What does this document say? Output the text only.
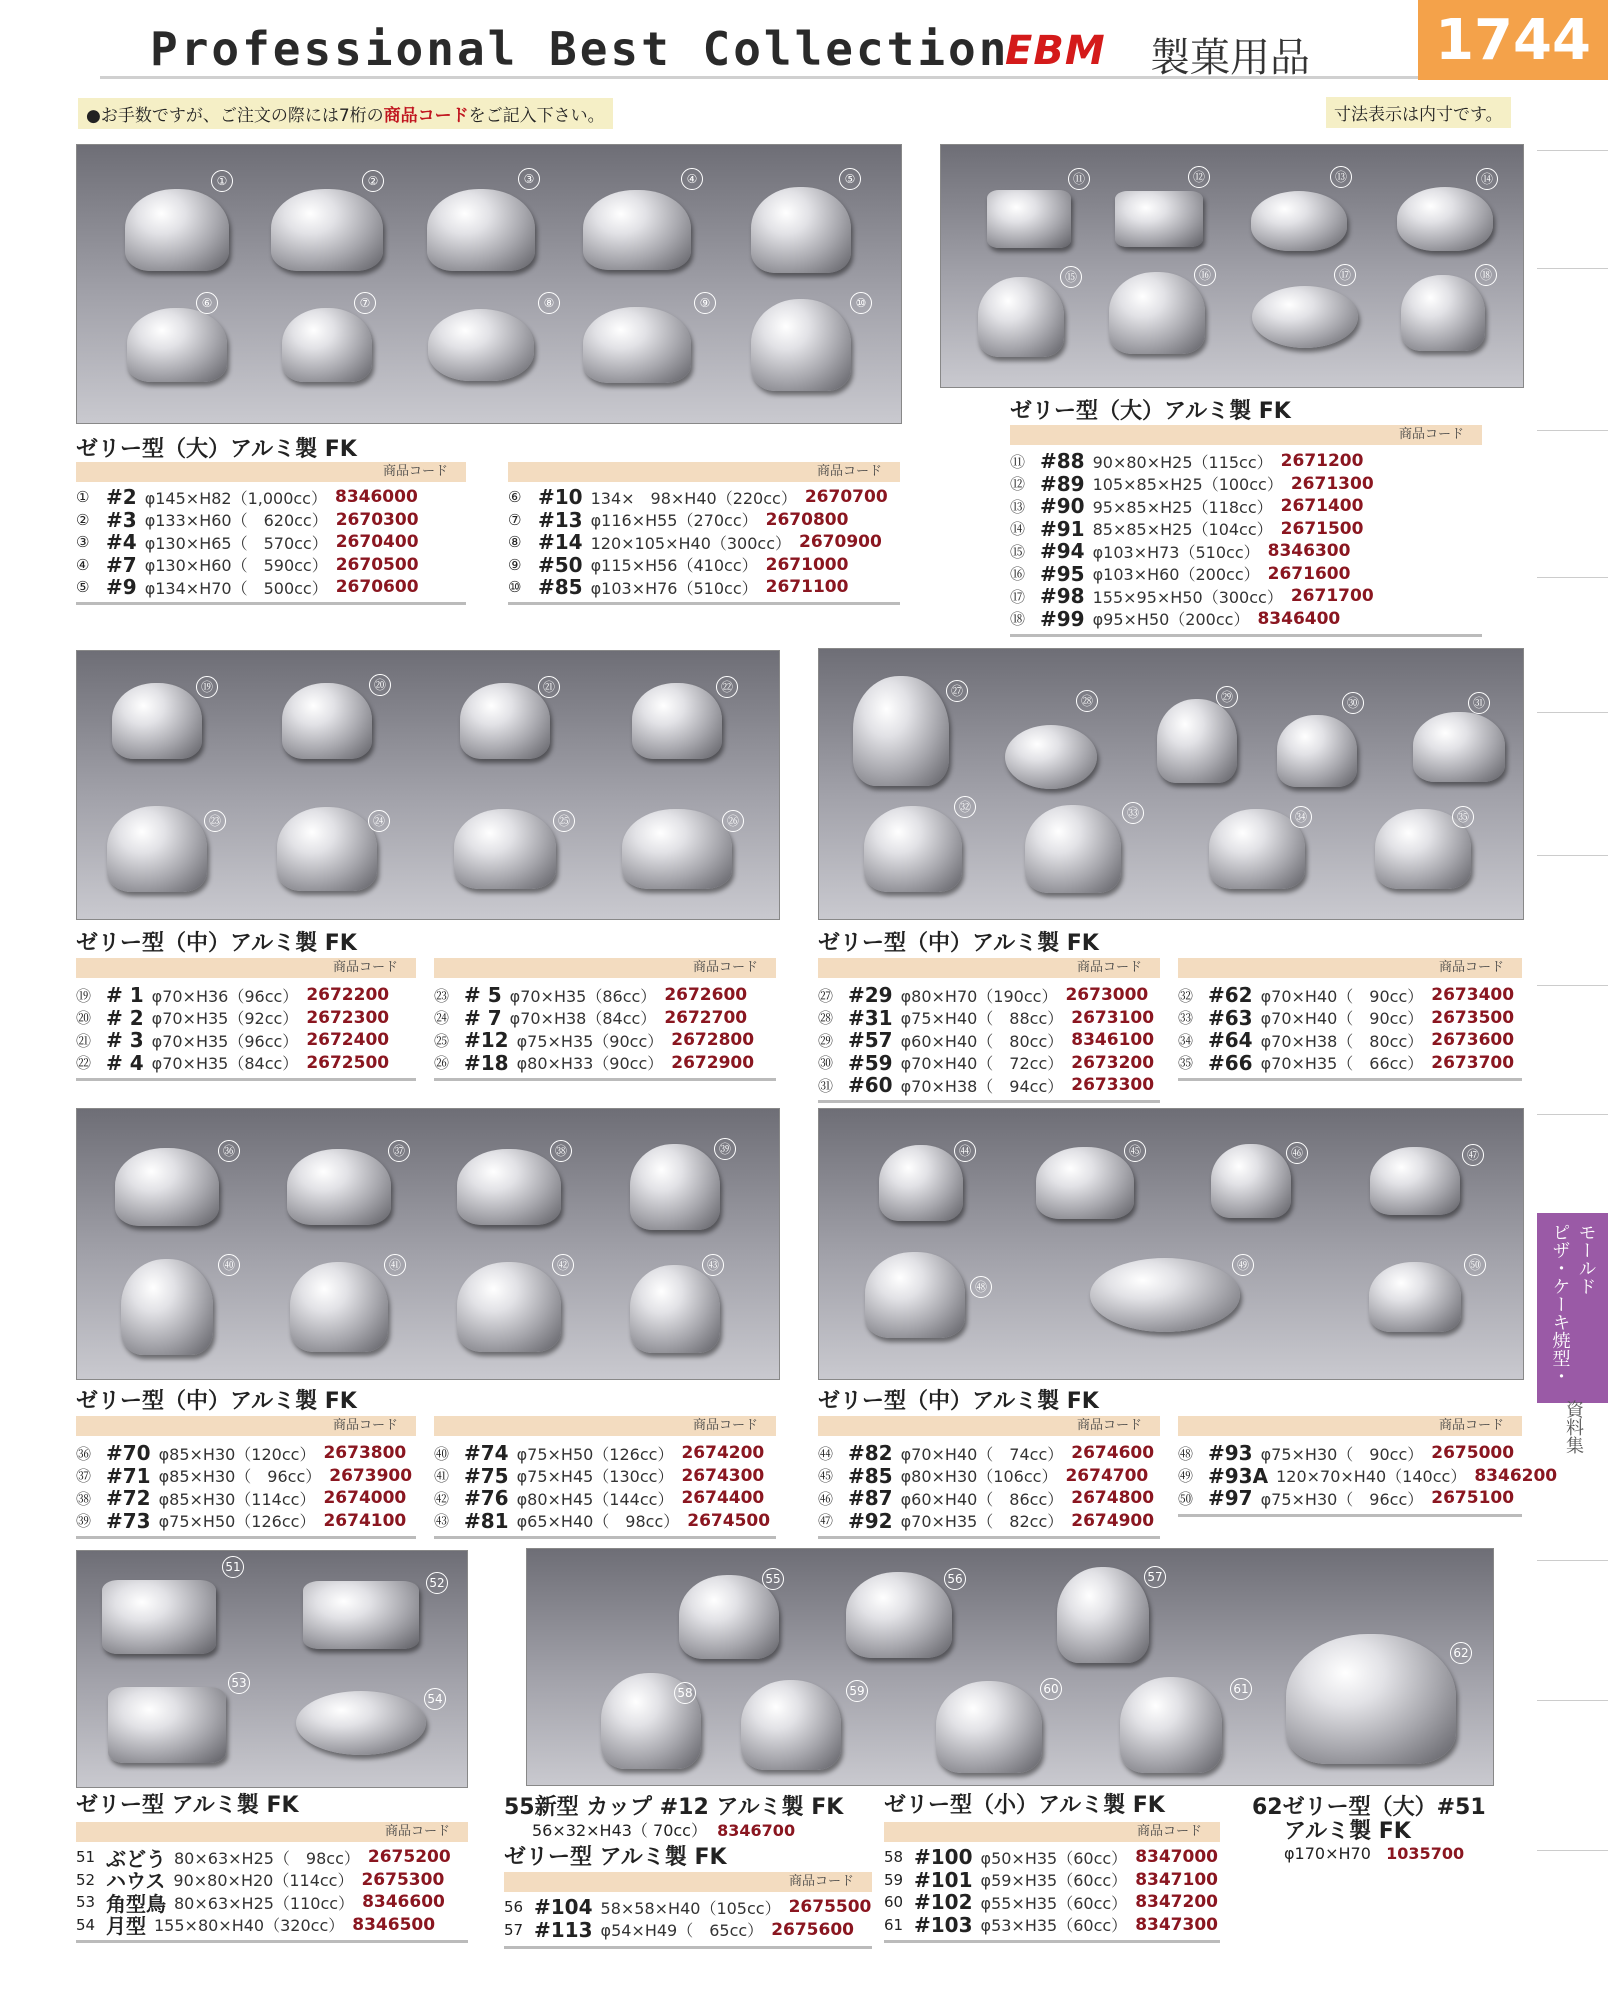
Professional Best Collection
EBM 製菓用品	1744
●お手数ですが、ご注文の際には7桁の商品コードをご記入下さい。	寸法表示は内寸です。
ピザ・ケーキ焼型・ モールド
資料集
①	②	③	④	⑤
⑥	⑦	⑧	⑨	⑩
⑪	⑫	⑬	⑭
⑮	⑯	⑰	⑱
ゼリー型（大）アルミ製 FK
ゼリー型（大）アルミ製 FK
商品コード
① #2 φ145×H82（1,000cc） 8346000
② #3 φ133×H60（　620cc） 2670300
③ #4 φ130×H65（　570cc） 2670400
④ #7 φ130×H60（　590cc） 2670500
⑤ #9 φ134×H70（　500cc） 2670600
商品コード
⑥ #10 134×　98×H40（220cc） 2670700
⑦ #13 φ116×H55（270cc） 2670800
⑧ #14 120×105×H40（300cc） 2670900
⑨ #50 φ115×H56（410cc） 2671000
⑩ #85 φ103×H76（510cc） 2671100
商品コード
⑪ #88 90×80×H25（115cc） 2671200
⑫ #89 105×85×H25（100cc） 2671300
⑬ #90 95×85×H25（118cc） 2671400
⑭ #91 85×85×H25（104cc） 2671500
⑮ #94 φ103×H73（510cc） 8346300
⑯ #95 φ103×H60（200cc） 2671600
⑰ #98 155×95×H50（300cc） 2671700
⑱ #99 φ95×H50（200cc） 8346400
⑲	⑳	㉑	㉒
㉓	㉔	㉕	㉖
㉗
㉘	㉙	㉚	㉛
㉜	㉝	㉞	㉟
ゼリー型（中）アルミ製 FK	ゼリー型（中）アルミ製 FK
商品コード
⑲ # 1 φ70×H36（96cc） 2672200
⑳ # 2 φ70×H35（92cc） 2672300
㉑ # 3 φ70×H35（96cc） 2672400
㉒ # 4 φ70×H35（84cc） 2672500
商品コード
㉓ # 5 φ70×H35（86cc） 2672600
㉔ # 7 φ70×H38（84cc） 2672700
㉕ #12 φ75×H35（90cc） 2672800
㉖ #18 φ80×H33（90cc） 2672900
商品コード
㉗ #29 φ80×H70（190cc） 2673000
㉘ #31 φ75×H40（　88cc） 2673100
㉙ #57 φ60×H40（　80cc） 8346100
㉚ #59 φ70×H40（　72cc） 2673200
㉛ #60 φ70×H38（　94cc） 2673300
商品コード
㉜ #62 φ70×H40（　90cc） 2673400
㉝ #63 φ70×H40（　90cc） 2673500
㉞ #64 φ70×H38（　80cc） 2673600
㉟ #66 φ70×H35（　66cc） 2673700
㊱	㊲	㊳	㊴
㊵	㊶	㊷	㊸
㊹	㊺	㊻	㊼
㊽
㊾	㊿
ゼリー型（中）アルミ製 FK	ゼリー型（中）アルミ製 FK
商品コード
㊱ #70 φ85×H30（120cc） 2673800
㊲ #71 φ85×H30（　96cc） 2673900
㊳ #72 φ85×H30（114cc） 2674000
㊴ #73 φ75×H50（126cc） 2674100
商品コード
㊵ #74 φ75×H50（126cc） 2674200
㊶ #75 φ75×H45（130cc） 2674300
㊷ #76 φ80×H45（144cc） 2674400
㊸ #81 φ65×H40（　98cc） 2674500
商品コード
㊹ #82 φ70×H40（　74cc） 2674600
㊺ #85 φ80×H30（106cc） 2674700
㊻ #87 φ60×H40（　86cc） 2674800
㊼ #92 φ70×H35（　82cc） 2674900
商品コード
㊽ #93 φ75×H30（　90cc） 2675000
㊾ #93A 120×70×H40（140cc） 8346200
㊿ #97 φ75×H30（　96cc） 2675100
51
52
53
54
55	56	57
58	59	60	61
62
ゼリー型 アルミ製 FK
商品コード
51 ぶどう 80×63×H25（　98cc） 2675200
52 ハウス 90×80×H20（114cc） 2675300
53 角型鳥 80×63×H25（110cc） 8346600
54 月型 155×80×H40（320cc） 8346500
55新型 カップ #12 アルミ製 FK
56×32×H43（ 70cc） 8346700
ゼリー型 アルミ製 FK
商品コード
56 #104 58×58×H40（105cc） 2675500
57 #113 φ54×H49（　65cc） 2675600
ゼリー型（小）アルミ製 FK
商品コード
58 #100 φ50×H35（60cc） 8347000
59 #101 φ59×H35（60cc） 8347100
60 #102 φ55×H35（60cc） 8347200
61 #103 φ53×H35（60cc） 8347300
62ゼリー型（大）#51
アルミ製 FK
φ170×H70 1035700
